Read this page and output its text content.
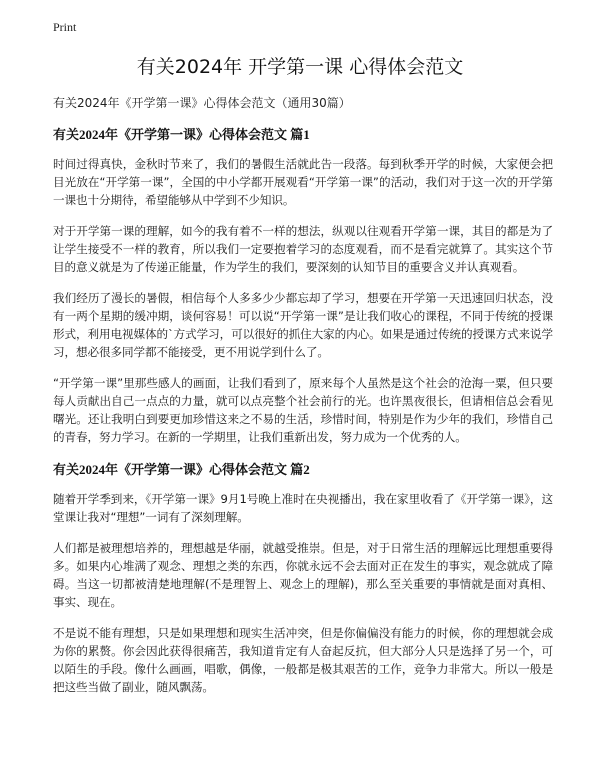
Print
有关2024年 开学第一课 心得体会范文

有关2024年《开学第一课》心得体会范文（通用30篇）

有关2024年《开学第一课》心得体会范文 篇1

时间过得真快，金秋时节来了，我们的暑假生活就此告一段落。每到秋季开学的时候，大家便会把目光放在“开学第一课”，全国的中小学都开展观看“开学第一课”的活动，我们对于这一次的开学第一课也十分期待，希望能够从中学到不少知识。

对于开学第一课的理解，如今的我有着不一样的想法，纵观以往观看开学第一课，其目的都是为了让学生接受不一样的教育，所以我们一定要抱着学习的态度观看，而不是看完就算了。其实这个节目的意义就是为了传递正能量，作为学生的我们，要深刻的认知节目的重要含义并认真观看。

我们经历了漫长的暑假，相信每个人多多少少都忘却了学习，想要在开学第一天迅速回归状态，没有一两个星期的缓冲期，谈何容易！可以说“开学第一课”是让我们收心的课程，不同于传统的授课形式，利用电视媒体的`方式学习，可以很好的抓住大家的内心。如果是通过传统的授课方式来说学习，想必很多同学都不能接受，更不用说学到什么了。

“开学第一课”里那些感人的画面，让我们看到了，原来每个人虽然是这个社会的沧海一粟，但只要每人贡献出自己一点点的力量，就可以点亮整个社会前行的光。也许黑夜很长，但请相信总会看见曙光。还让我明白到要更加珍惜这来之不易的生活，珍惜时间，特别是作为少年的我们，珍惜自己的青春，努力学习。在新的一学期里，让我们重新出发，努力成为一个优秀的人。

有关2024年《开学第一课》心得体会范文 篇2

随着开学季到来，《开学第一课》9月1号晚上准时在央视播出，我在家里收看了《开学第一课》，这堂课让我对“理想”一词有了深刻理解。

人们都是被理想培养的，理想越是华丽，就越受推崇。但是，对于日常生活的理解远比理想重要得多。如果内心堆满了观念、理想之类的东西，你就永远不会去面对正在发生的事实，观念就成了障碍。当这一切都被清楚地理解(不是理智上、观念上的理解)，那么至关重要的事情就是面对真相、事实、现在。

不是说不能有理想，只是如果理想和现实生活冲突，但是你偏偏没有能力的时候，你的理想就会成为你的累赘。你会因此获得很痛苦，我知道肯定有人奋起反抗，但大部分人只是选择了另一个，可以陌生的手段。像什么画画，唱歌，偶像，一般都是极其艰苦的工作，竞争力非常大。所以一般是把这些当做了副业，随风飘荡。
